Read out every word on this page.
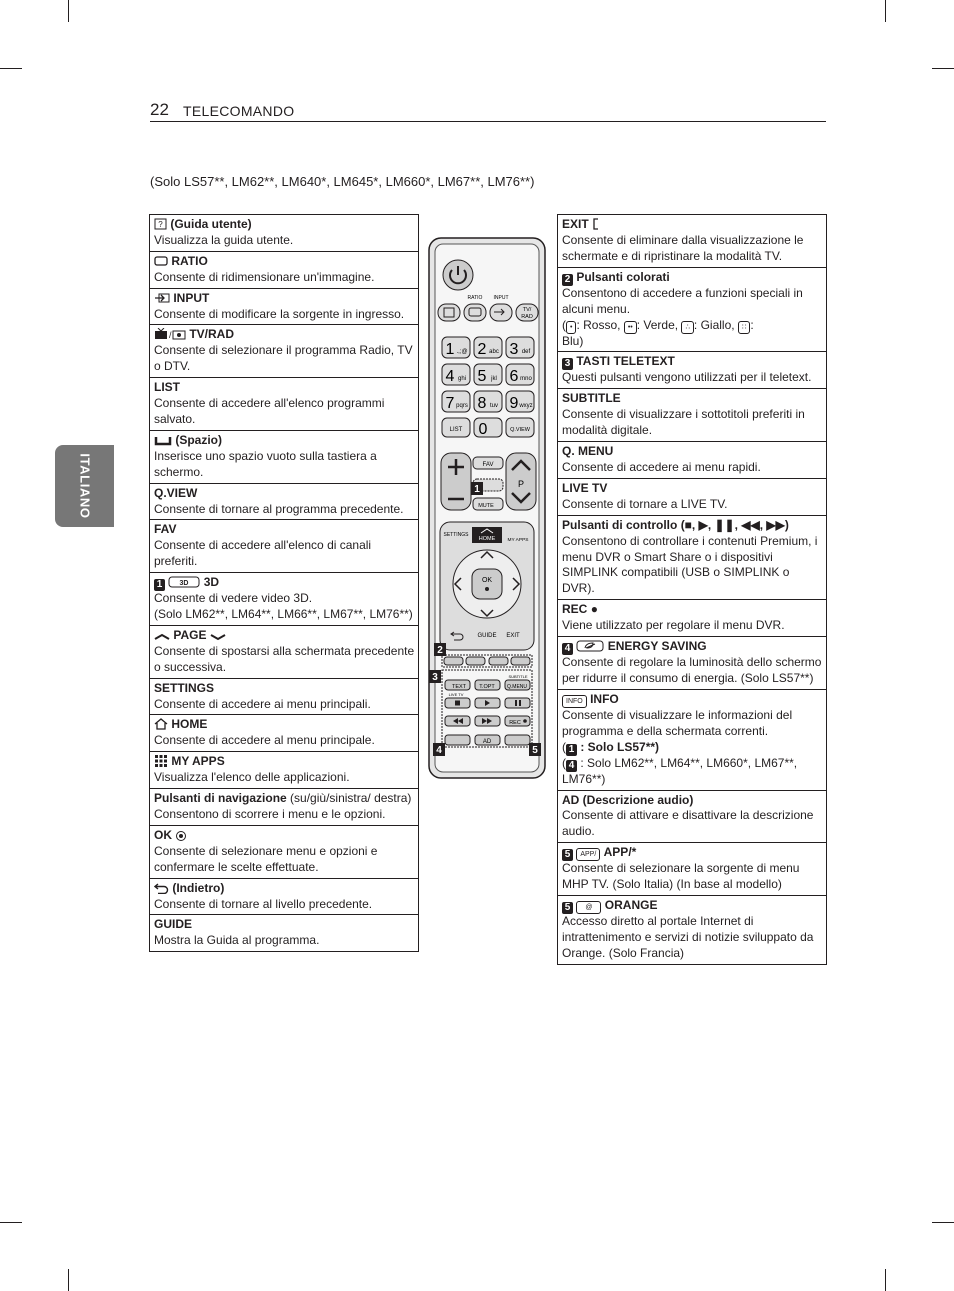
22 TELECOMANDO
ITALIANO
(Solo LS57**, LM62**, LM640*, LM645*, LM660*, LM67**, LM76**)
? (Guida utente)
Visualizza la guida utente.
RATIO
Consente di ridimensionare un'immagine.
INPUT
Consente di modificare la sorgente in ingresso.
/ TV/RAD
Consente di selezionare il programma Radio, TV o DTV.
LIST
Consente di accedere all'elenco programmi salvato.
(Spazio)
Inserisce uno spazio vuoto sulla tastiera a schermo.
Q.VIEW
Consente di tornare al programma precedente.
FAV
Consente di accedere all'elenco di canali preferiti.
1	3D 3D
Consente di vedere video 3D.
(Solo LM62**, LM64**, LM66**, LM67**, LM76**)
PAGE
Consente di spostarsi alla schermata precedente o successiva.
SETTINGS
Consente di accedere ai menu principali.
HOME
Consente di accedere al menu principale.
MY APPS
Visualizza l'elenco delle applicazioni.
Pulsanti di navigazione (su/giù/sinistra/ destra)
Consentono di scorrere i menu e le opzioni.
OK
Consente di selezionare menu e opzioni e confermare le scelte effettuate.
(Indietro)
Consente di tornare al livello precedente.
GUIDE
Mostra la Guida al programma.
EXIT
Consente di eliminare dalla visualizzazione le schermate e di ripristinare la modalità TV.
2 Pulsanti colorati
Consentono di accedere a funzioni speciali in alcuni menu.
( • : Rosso, •• : Verde, ∴ : Giallo, ∷ :
Blu)
3 TASTI TELETEXT
Questi pulsanti vengono utilizzati per il teletext.
SUBTITLE
Consente di visualizzare i sottotitoli preferiti in modalità digitale.
Q. MENU
Consente di accedere ai menu rapidi.
LIVE TV
Consente di tornare a LIVE TV.
Pulsanti di controllo (■, ▶, ❚❚, ◀◀, ▶▶)
Consentono di controllare i contenuti Premium, i menu DVR o Smart Share o i dispositivi SIMPLINK compatibili (USB o SIMPLINK o DVR).
REC ●
Viene utilizzato per regolare il menu DVR.
4	ENERGY SAVING
Consente di regolare la luminosità dello schermo per ridurre il consumo di energia. (Solo LS57**)
INFO INFO
Consente di visualizzare le informazioni del programma e della schermata correnti.
( 1 : Solo LS57**)
( 4 : Solo LM62**, LM64**, LM660*, LM67**, LM76**)
AD (Descrizione audio)
Consente di attivare e disattivare la descrizione audio.
5 APP/ APP/*
Consente di selezionare la sorgente di menu MHP TV. (Solo Italia) (In base al modello)
5 @ ORANGE
Accesso diretto al portale Internet di intrattenimento e servizi di notizie sviluppato da Orange. (Solo Francia)
RATIO INPUT
TV/
RAD
1 .,;@ 2 abc 3 def
4 ghi 5 jkl 6 mno
7 pqrs 8 tuv 9 wxyz
LIST 0	Q.VIEW
P
FAV
MUTE
SETTINGS
HOME	MY APPS
OK
GUIDE EXIT
SUBTITLE
TEXT T.OPT Q.MENU
LIVE TV
REC
AD
1
2
3
4	5
